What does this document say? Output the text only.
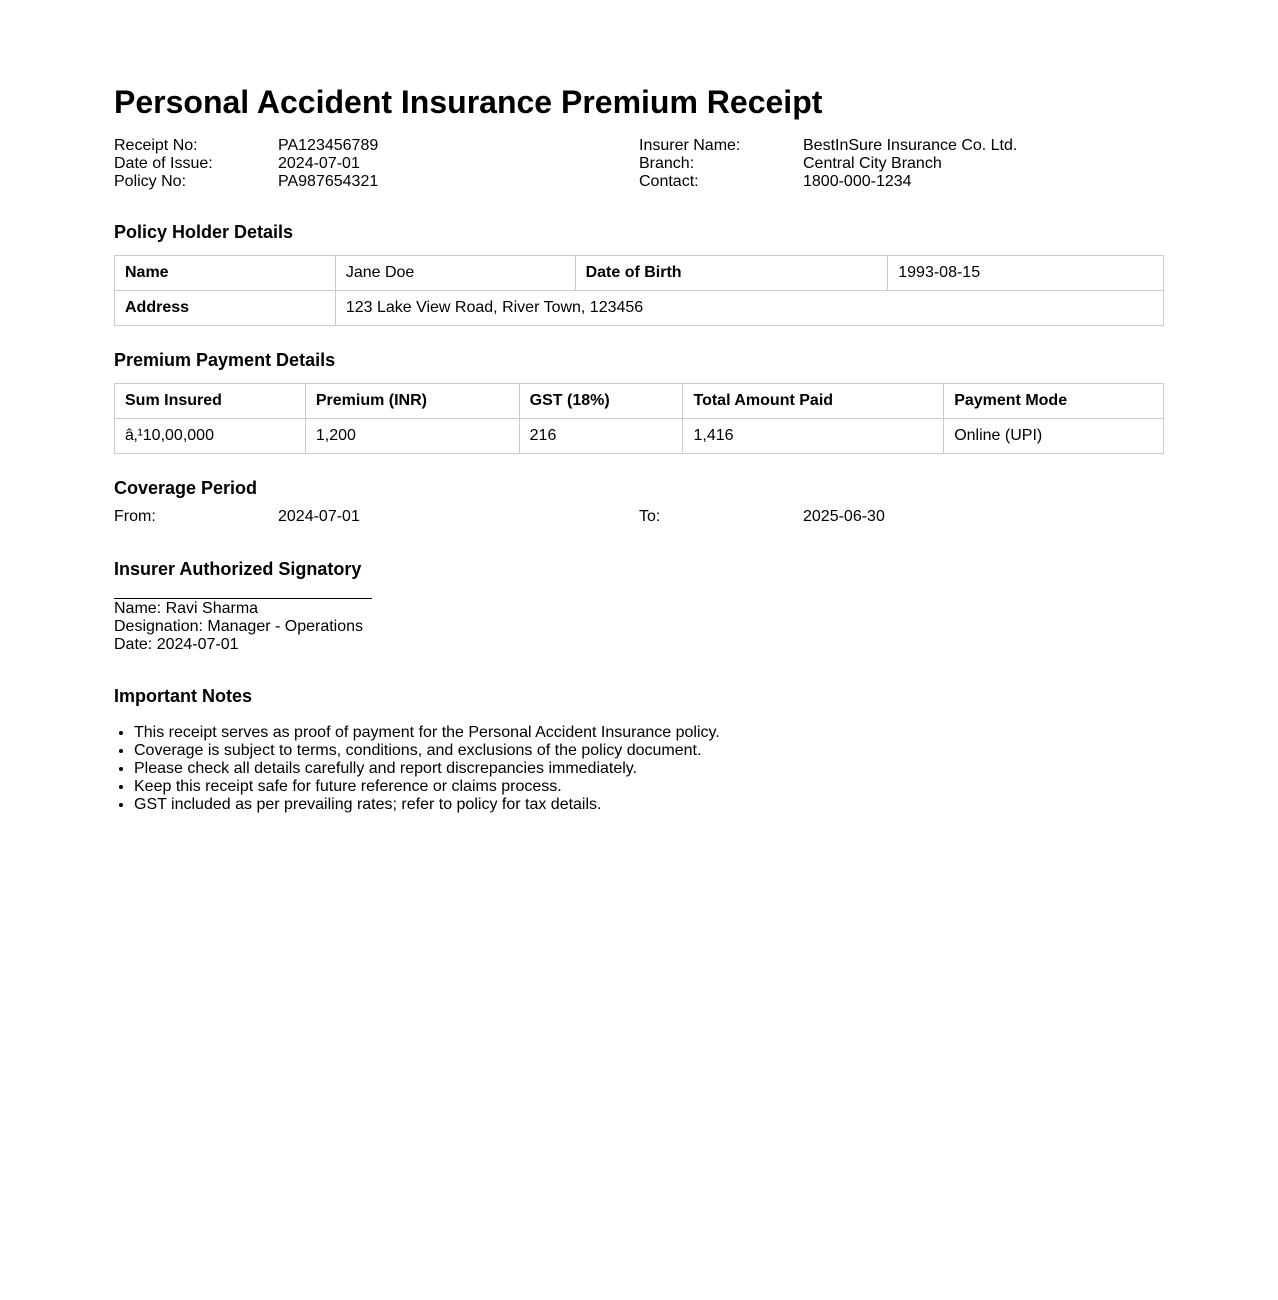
Personal Accident Insurance Premium Receipt
Receipt No:	PA123456789
Date of Issue:	2024-07-01
Policy No:	PA987654321
Insurer Name:	BestInSure Insurance Co. Ltd.
Branch:	Central City Branch
Contact:	1800-000-1234
Policy Holder Details
Name	Jane Doe	Date of Birth	1993-08-15
Address	123 Lake View Road, River Town, 123456		
Premium Payment Details
Sum Insured	Premium (INR)	GST (18%)	Total Amount Paid	Payment Mode
â‚¹10,00,000	1,200	216	1,416	Online (UPI)
Coverage Period
From:	2024-07-01	To:	2025-06-30
Insurer Authorized Signatory
Name: Ravi Sharma
Designation: Manager - Operations
Date: 2024-07-01
Important Notes
• This receipt serves as proof of payment for the Personal Accident Insurance policy.
• Coverage is subject to terms, conditions, and exclusions of the policy document.
• Please check all details carefully and report discrepancies immediately.
• Keep this receipt safe for future reference or claims process.
• GST included as per prevailing rates; refer to policy for tax details.
